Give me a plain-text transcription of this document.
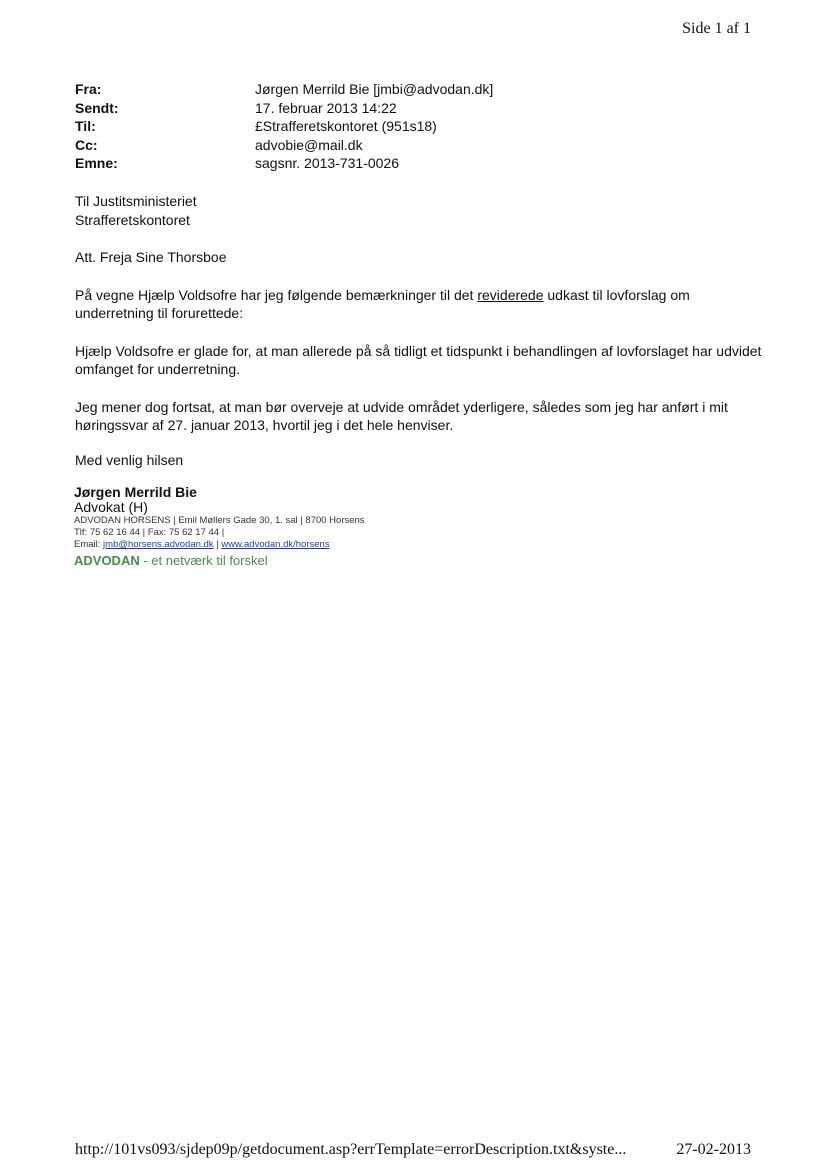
Side 1 af 1
Fra:	Jørgen Merrild Bie [jmbi@advodan.dk]
Sendt:	17. februar 2013 14:22
Til:	£Strafferetskontoret (951s18)
Cc:	advobie@mail.dk
Emne:	sagsnr. 2013-731-0026

Til Justitsministeriet

Strafferetskontoret

Att. Freja Sine Thorsboe

På vegne Hjælp Voldsofre har jeg følgende bemærkninger til det reviderede udkast til lovforslag om underretning til forurettede:

Hjælp Voldsofre er glade for, at man allerede på så tidligt et tidspunkt i behandlingen af lovforslaget har udvidet omfanget for underretning.

Jeg mener dog fortsat, at man bør overveje at udvide området yderligere, således som jeg har anført i mit høringssvar af 27. januar 2013, hvortil jeg i det hele henviser.

Med venlig hilsen
Jørgen Merrild Bie
Advokat (H)
ADVODAN HORSENS | Emil Møllers Gade 30, 1. sal | 8700 Horsens
Tlf: 75 62 16 44 | Fax: 75 62 17 44 |
Email: jmb@horsens.advodan.dk | www.advodan.dk/horsens
ADVODAN - et netværk til forskel
http://101vs093/sjdep09p/getdocument.asp?errTemplate=errorDescription.txt&syste...	27-02-2013
